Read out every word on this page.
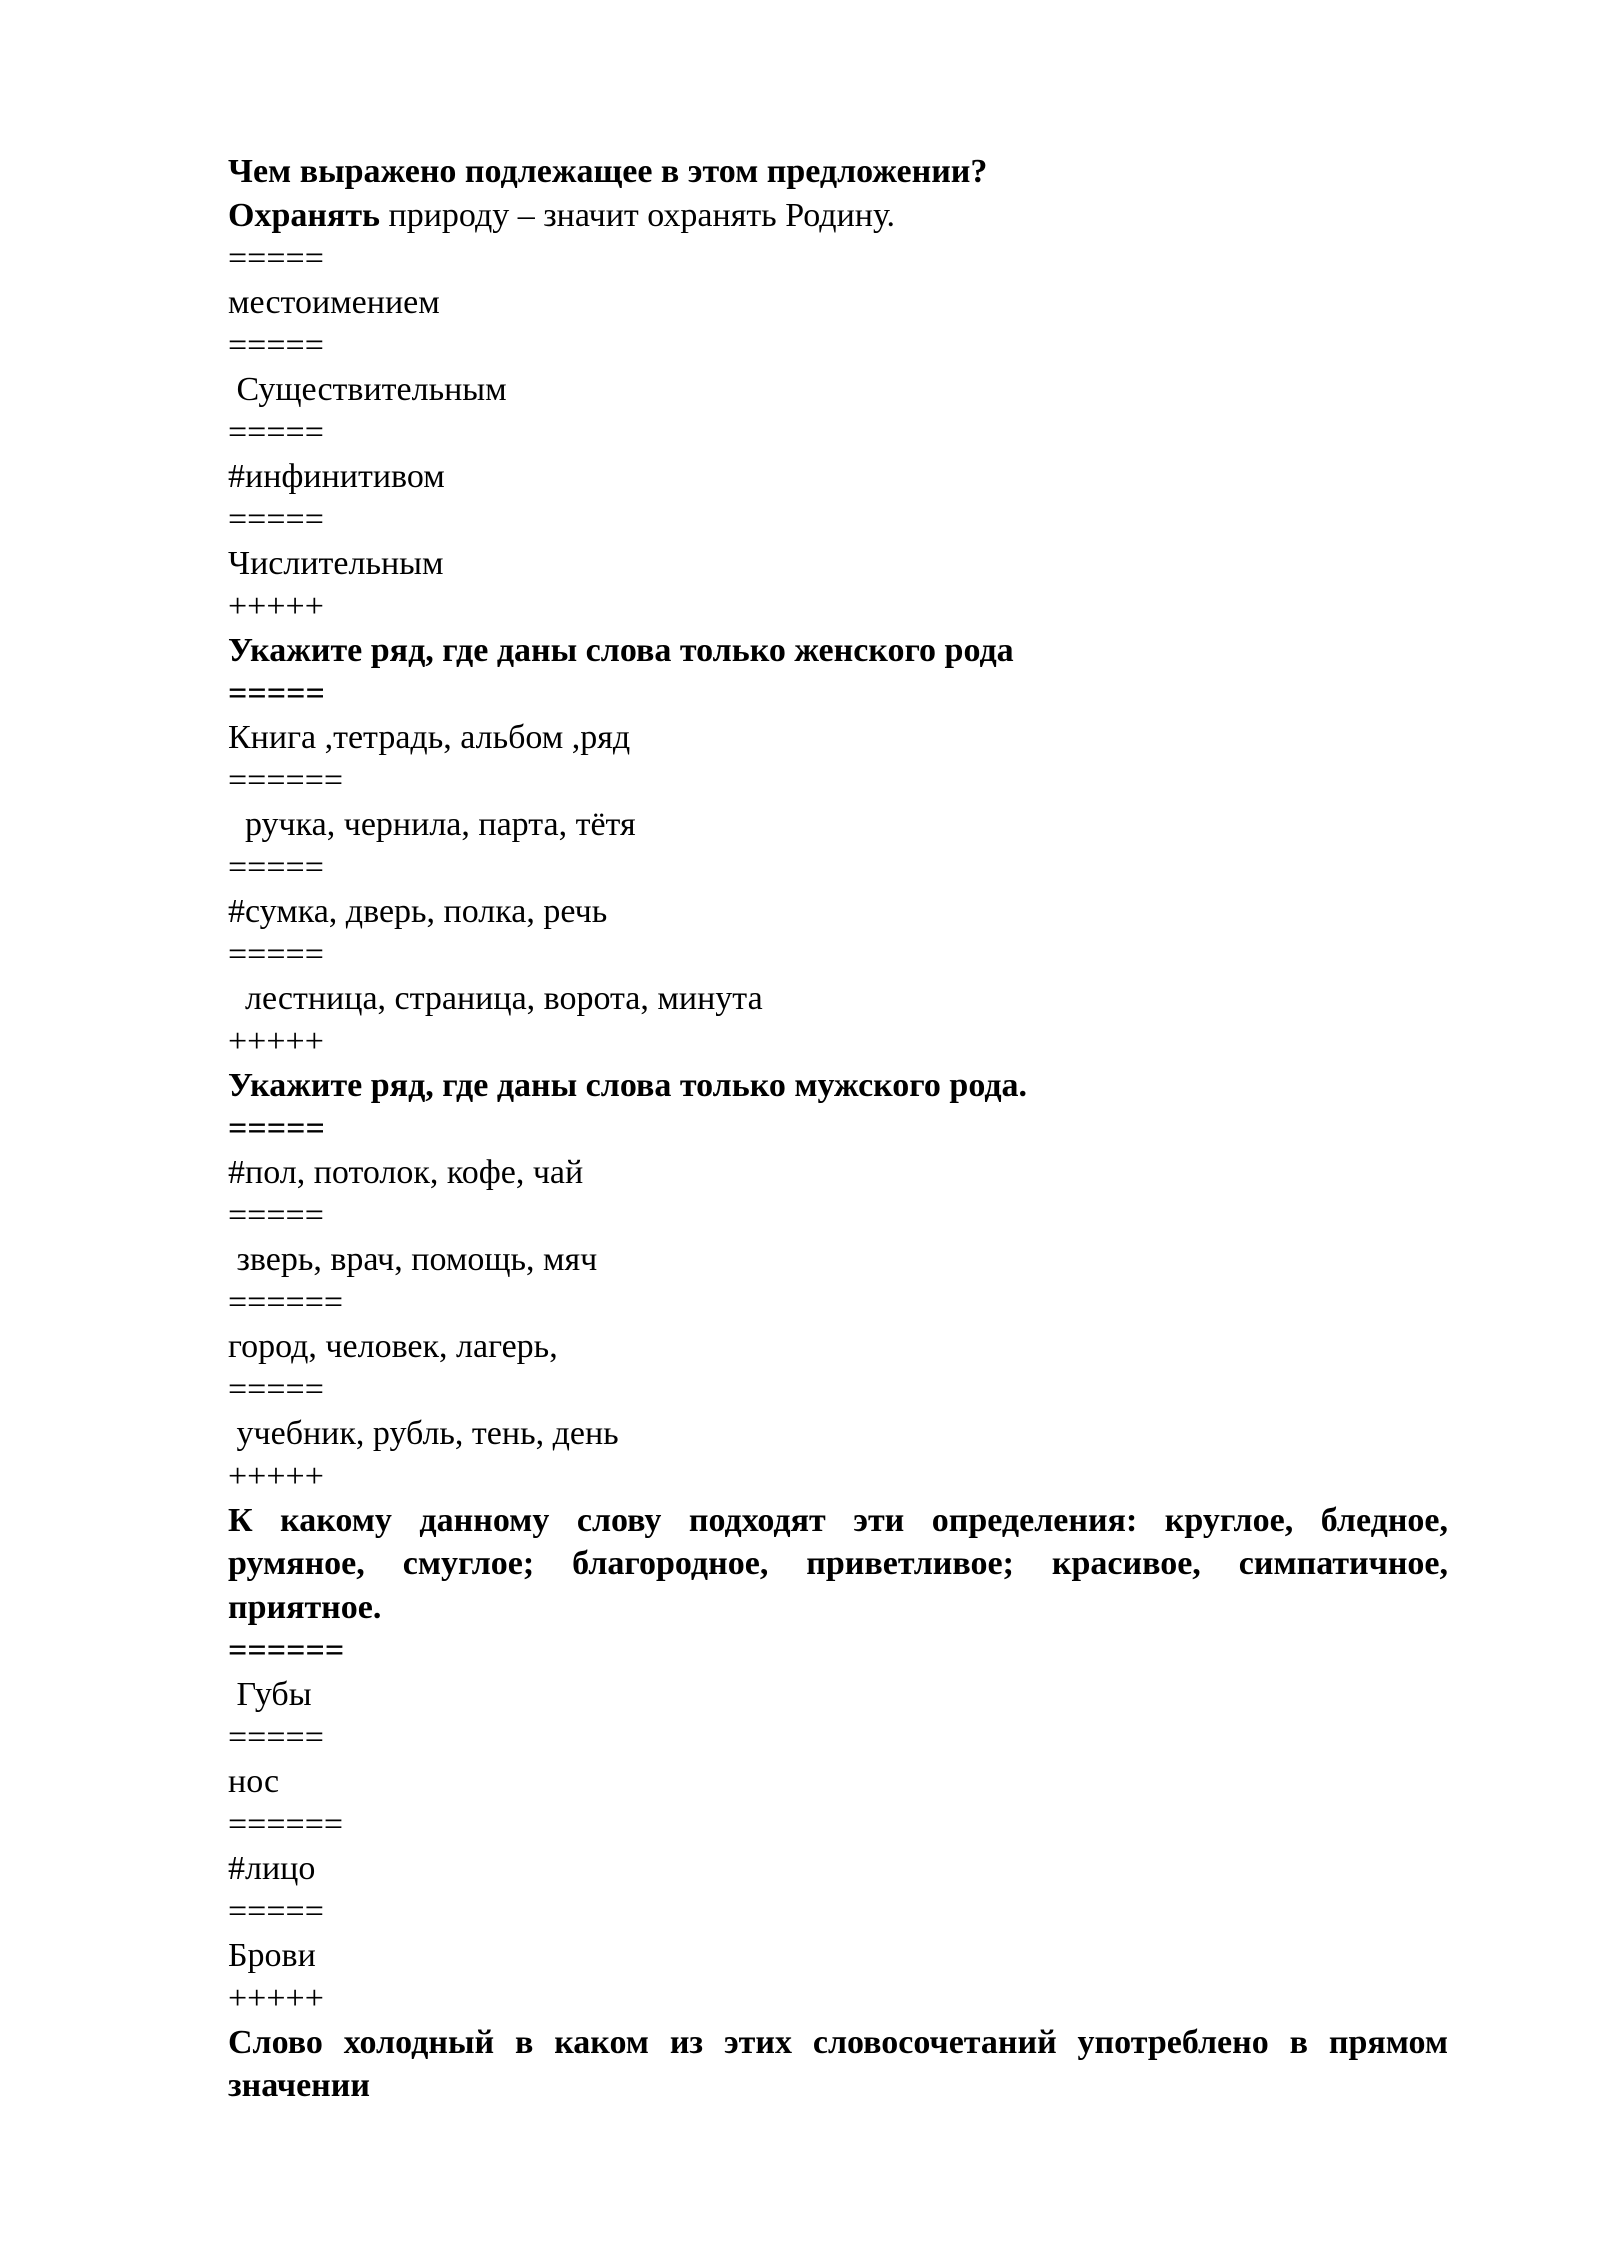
Чем выражено подлежащее в этом предложении?
Охранять природу – значит охранять Родину.
=====
местоимением
=====
Существительным
=====
#инфинитивом
=====
Числительным
+++++
Укажите ряд, где даны слова только женского рода
=====
Книга ,тетрадь, альбом ,ряд
======
ручка, чернила, парта, тётя
=====
#сумка, дверь, полка, речь
=====
лестница, страница, ворота, минута
+++++
Укажите ряд, где даны слова только мужского рода.
=====
#пол, потолок, кофе, чай
=====
зверь, врач, помощь, мяч
======
город, человек, лагерь,
=====
учебник, рубль, тень, день
+++++
К какому данному слову подходят эти определения: круглое, бледное,
румяное, смуглое; благородное, приветливое; красивое, симпатичное,
приятное.
======
Губы
=====
нос
======
#лицо
=====
Брови
+++++
Слово холодный в каком из этих словосочетаний употреблено в прямом
значении
